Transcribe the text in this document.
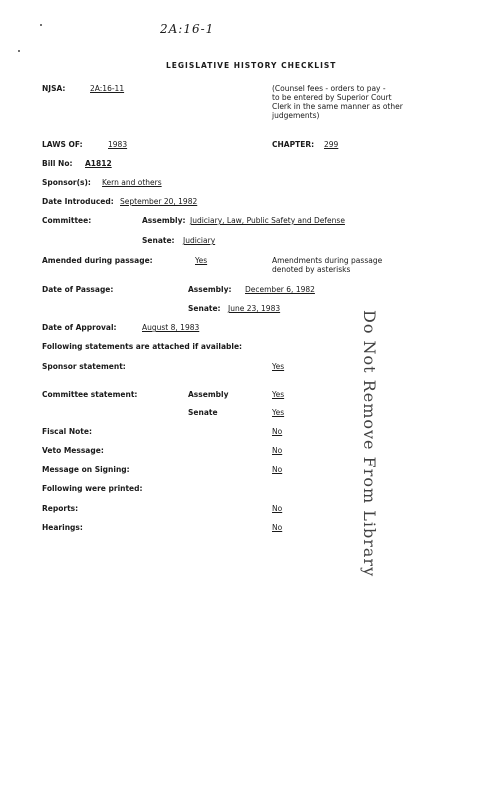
2A:16-1
LEGISLATIVE HISTORY CHECKLIST
NJSA:	2A:16-11	(Counsel fees - orders to pay -
to be entered by Superior Court
Clerk in the same manner as other
judgements)
LAWS OF:	1983	CHAPTER: 299
Bill No: A1812
Sponsor(s): Kern and others
Date Introduced: September 20, 1982
Committee:	Assembly: Judiciary, Law, Public Safety and Defense
Senate: Judiciary
Amended during passage:	Yes	Amendments during passage
denoted by asterisks
Date of Passage:	Assembly: December 6, 1982
Senate: June 23, 1983
Date of Approval:	August 8, 1983
Following statements are attached if available:
Sponsor statement:	Yes
Committee statement:	Assembly	Yes
Senate	Yes
Fiscal Note:	No
Veto Message:	No
Message on Signing:	No
Following were printed:
Reports:	No
Hearings:	No	Do Not Remove From Library
